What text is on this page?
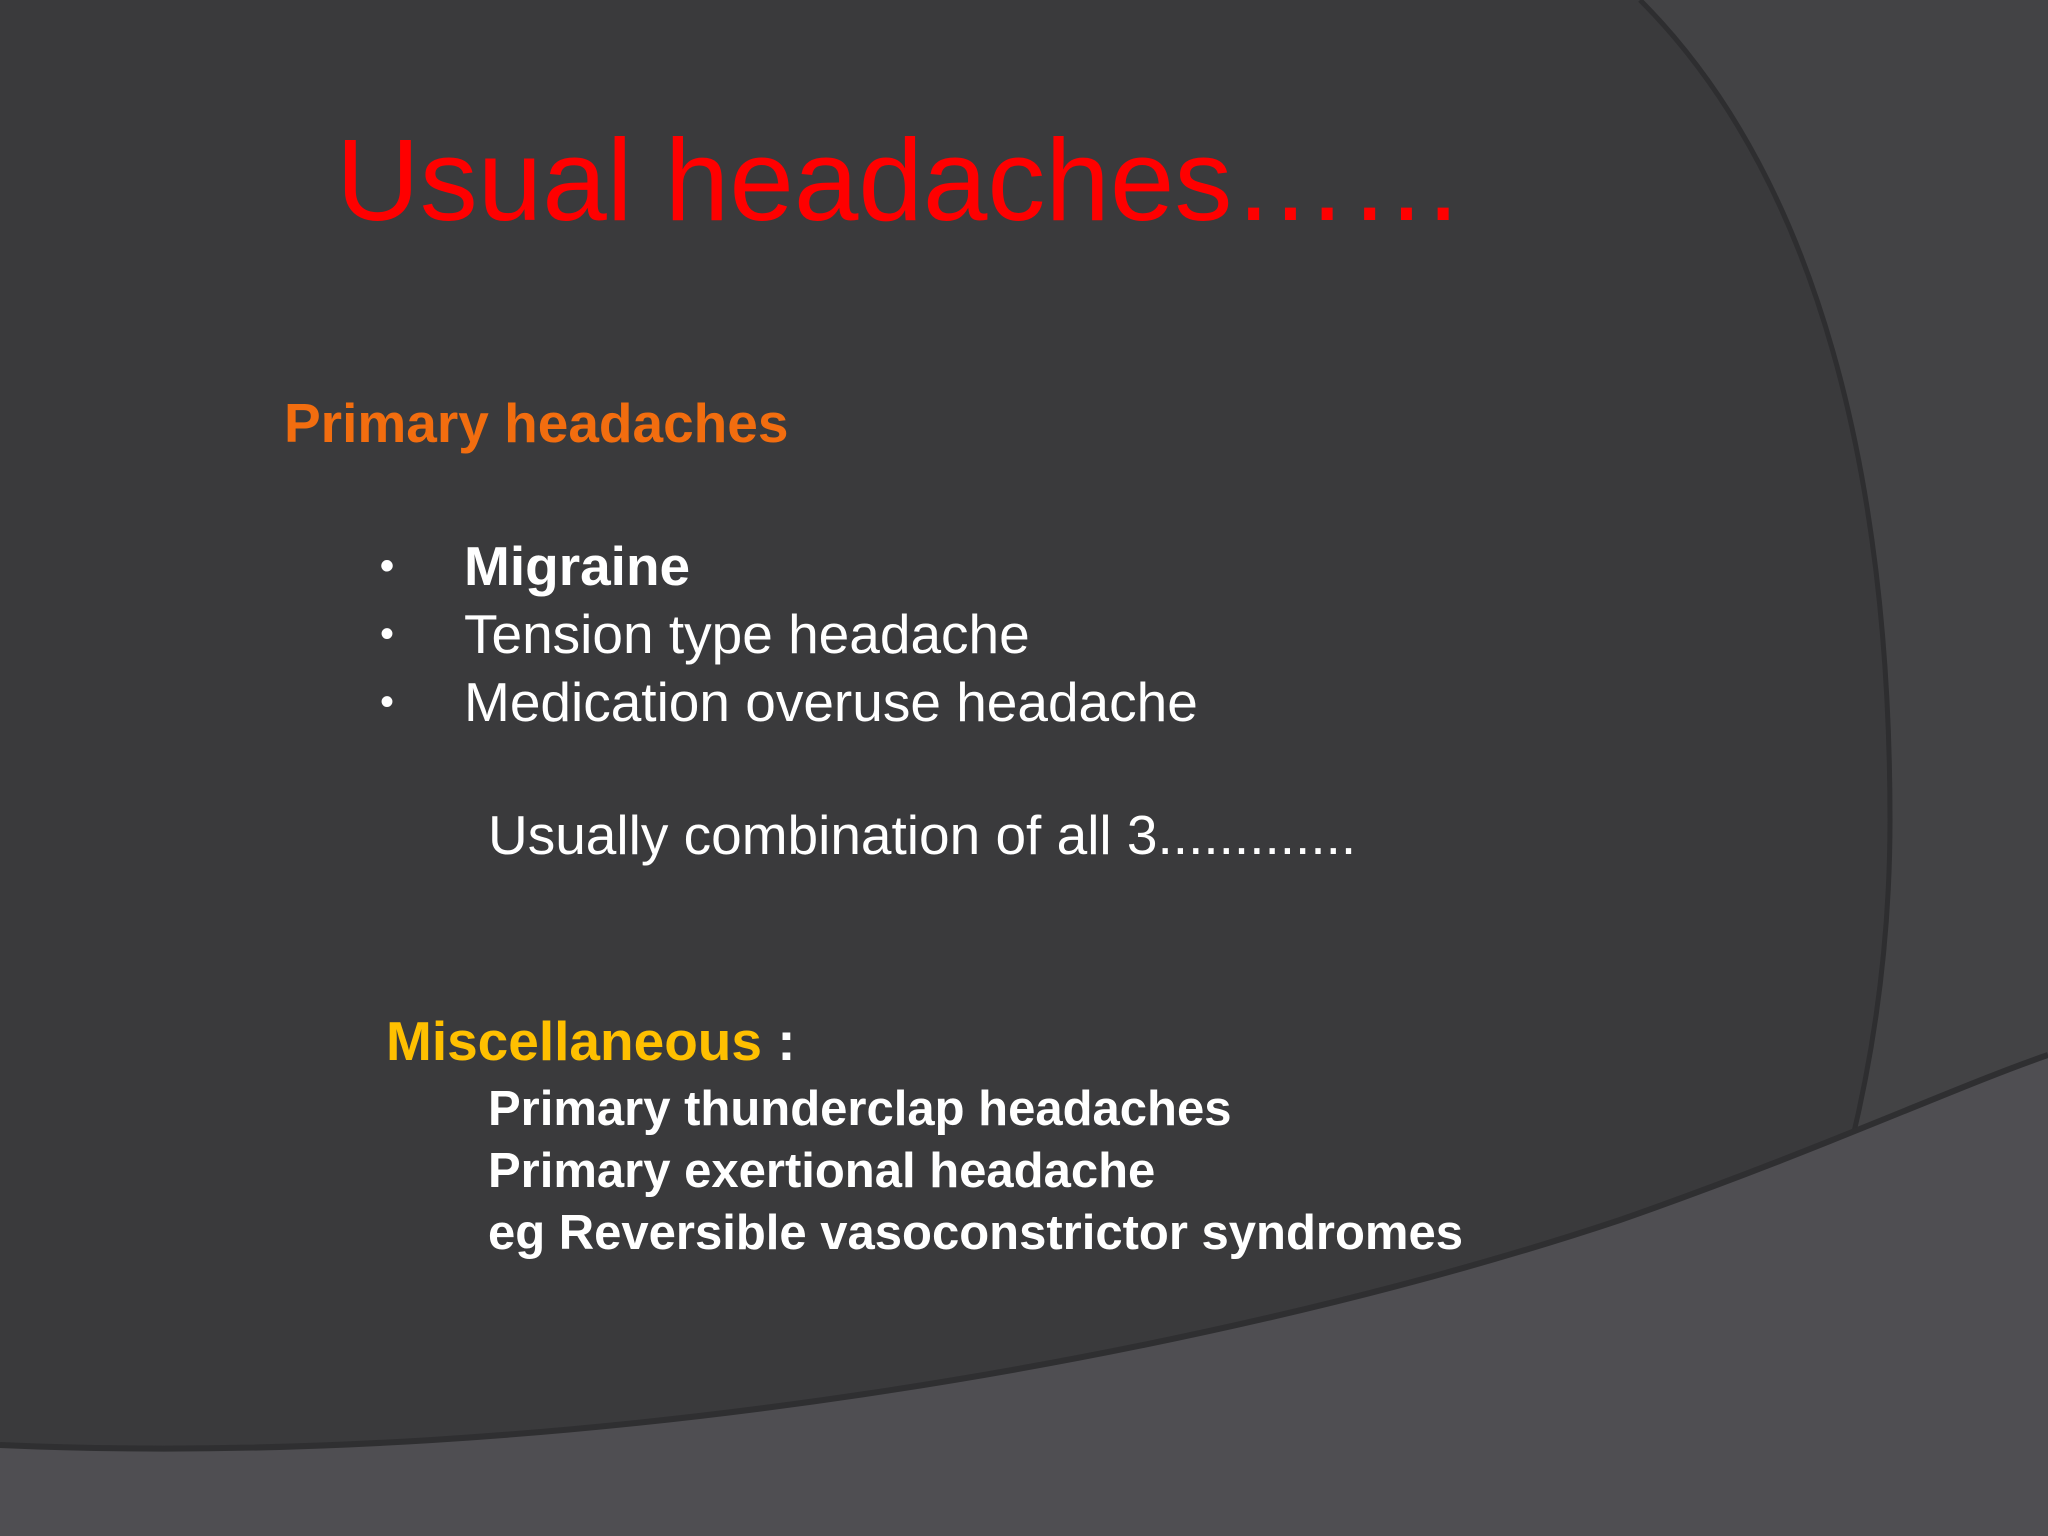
Usual headaches……
Primary headaches
• Migraine
• Tension type headache
• Medication overuse headache
Usually combination of all 3.............
Miscellaneous :
Primary thunderclap headaches
Primary exertional headache
eg Reversible vasoconstrictor syndromes
